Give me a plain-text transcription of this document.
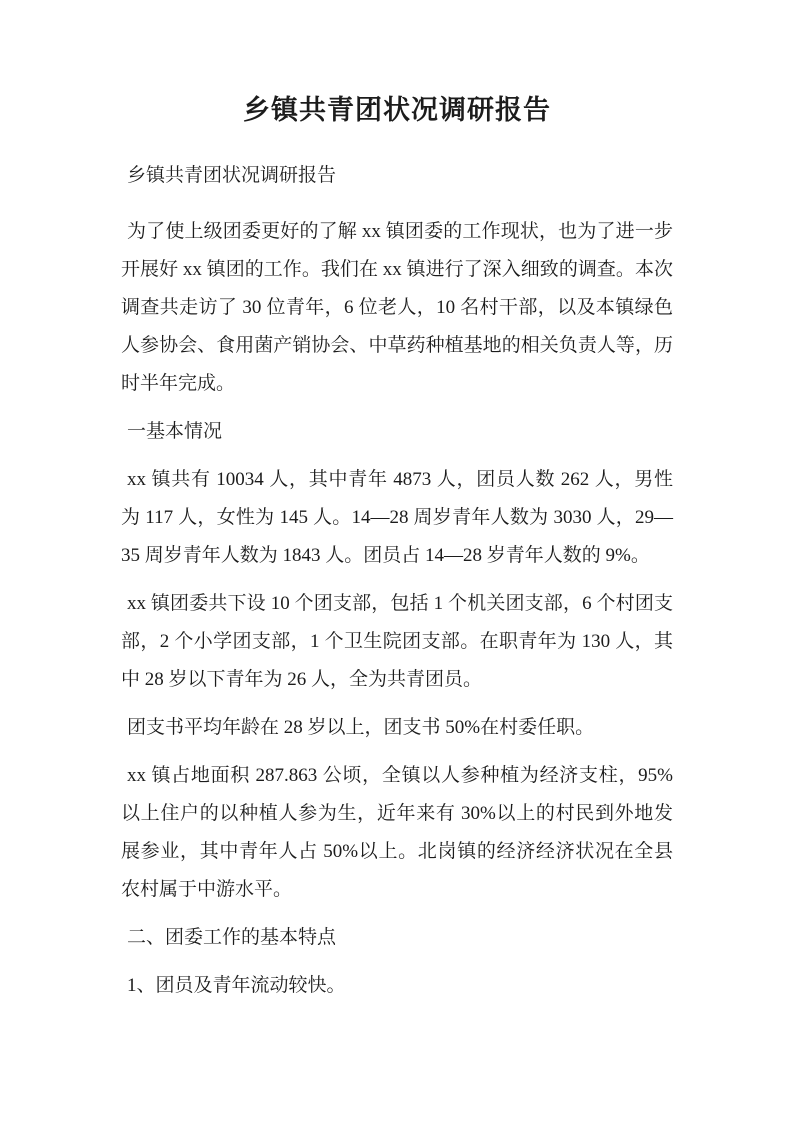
乡镇共青团状况调研报告

乡镇共青团状况调研报告

为了使上级团委更好的了解 xx 镇团委的工作现状，也为了进一步开展好 xx 镇团的工作。我们在 xx 镇进行了深入细致的调查。本次调查共走访了 30 位青年，6 位老人，10 名村干部，以及本镇绿色人参协会、食用菌产销协会、中草药种植基地的相关负责人等，历时半年完成。

一基本情况

xx 镇共有 10034 人，其中青年 4873 人，团员人数 262 人，男性为 117 人，女性为 145 人。14—28 周岁青年人数为 3030 人，29—35 周岁青年人数为 1843 人。团员占 14—28 岁青年人数的 9%。

xx 镇团委共下设 10 个团支部，包括 1 个机关团支部，6 个村团支部，2 个小学团支部，1 个卫生院团支部。在职青年为 130 人，其中 28 岁以下青年为 26 人，全为共青团员。

团支书平均年龄在 28 岁以上，团支书 50%在村委任职。

xx 镇占地面积 287.863 公顷，全镇以人参种植为经济支柱，95%以上住户的以种植人参为生，近年来有 30%以上的村民到外地发展参业，其中青年人占 50%以上。北岗镇的经济经济状况在全县农村属于中游水平。

二、团委工作的基本特点

1、团员及青年流动较快。
